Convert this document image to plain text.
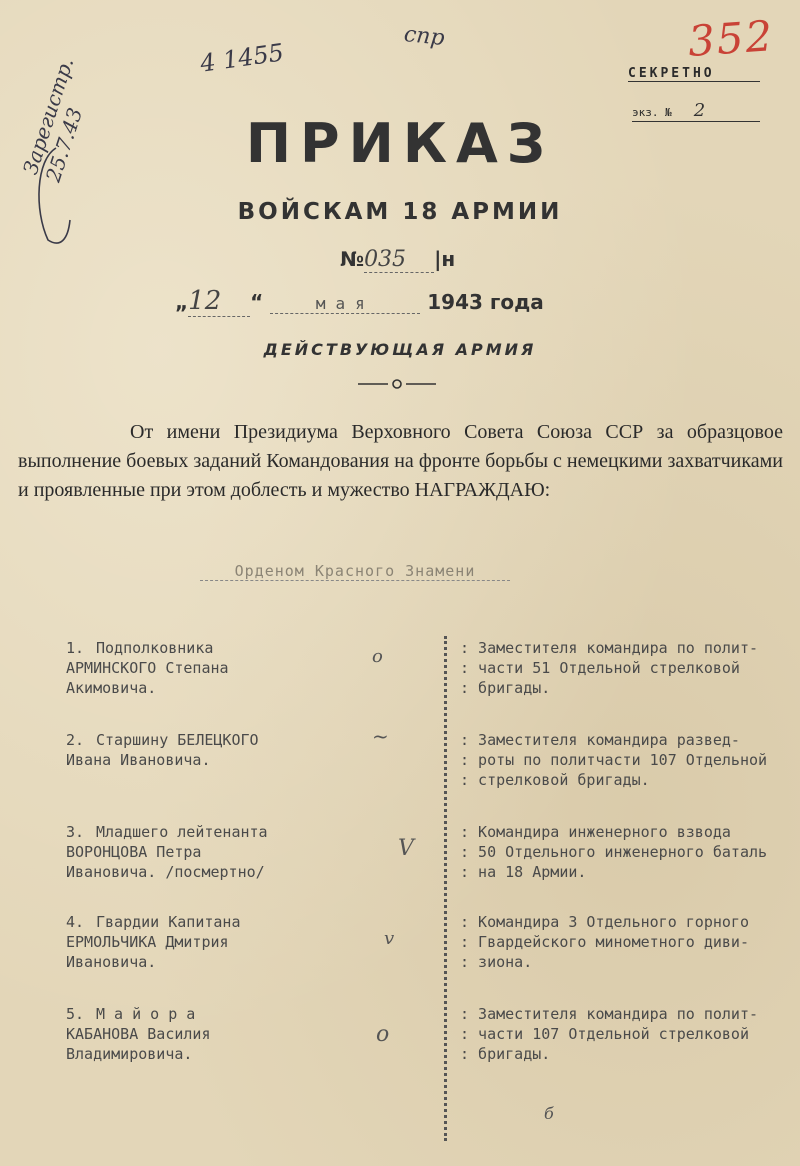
Зарегистр. 25.7.43
4 1455
спр	352
СЕКРЕТНО
экз. № 2
ПРИКАЗ
ВОЙСКАМ 18 АРМИИ
№035 |н
„12 “	мая	1943 года
ДЕЙСТВУЮЩАЯ АРМИЯ

От имени Президиума Верховного Совета Союза ССР за образцовое выполнение боевых заданий Командования на фронте борьбы с немецкими захватчиками и проявленные при этом доблесть и мужество НАГРАЖДАЮ:

Орденом Красного Знамени
1. Подполковника
АРМИНСКОГО Степана
Акимовича.
: Заместителя командира по полит-
: части 51 Отдельной стрелковой
: бригады.
2. Старшину БЕЛЕЦКОГО
Ивана Ивановича.
: Заместителя командира развед-
: роты по политчасти 107 Отдельной
: стрелковой бригады.
3. Младшего лейтенанта
ВОРОНЦОВА Петра
Ивановича. /посмертно/
: Командира инженерного взвода
: 50 Отдельного инженерного баталь
: на 18 Армии.
4. Гвардии Капитана
ЕРМОЛЬЧИКА Дмитрия
Ивановича.
: Командира 3 Отдельного горного
: Гвардейского минометного диви-
: зиона.
5. М а й о р а
КАБАНОВА Василия
Владимировича.
: Заместителя командира по полит-
: части 107 Отдельной стрелковой
: бригады.
о
~
V
v
о
б
